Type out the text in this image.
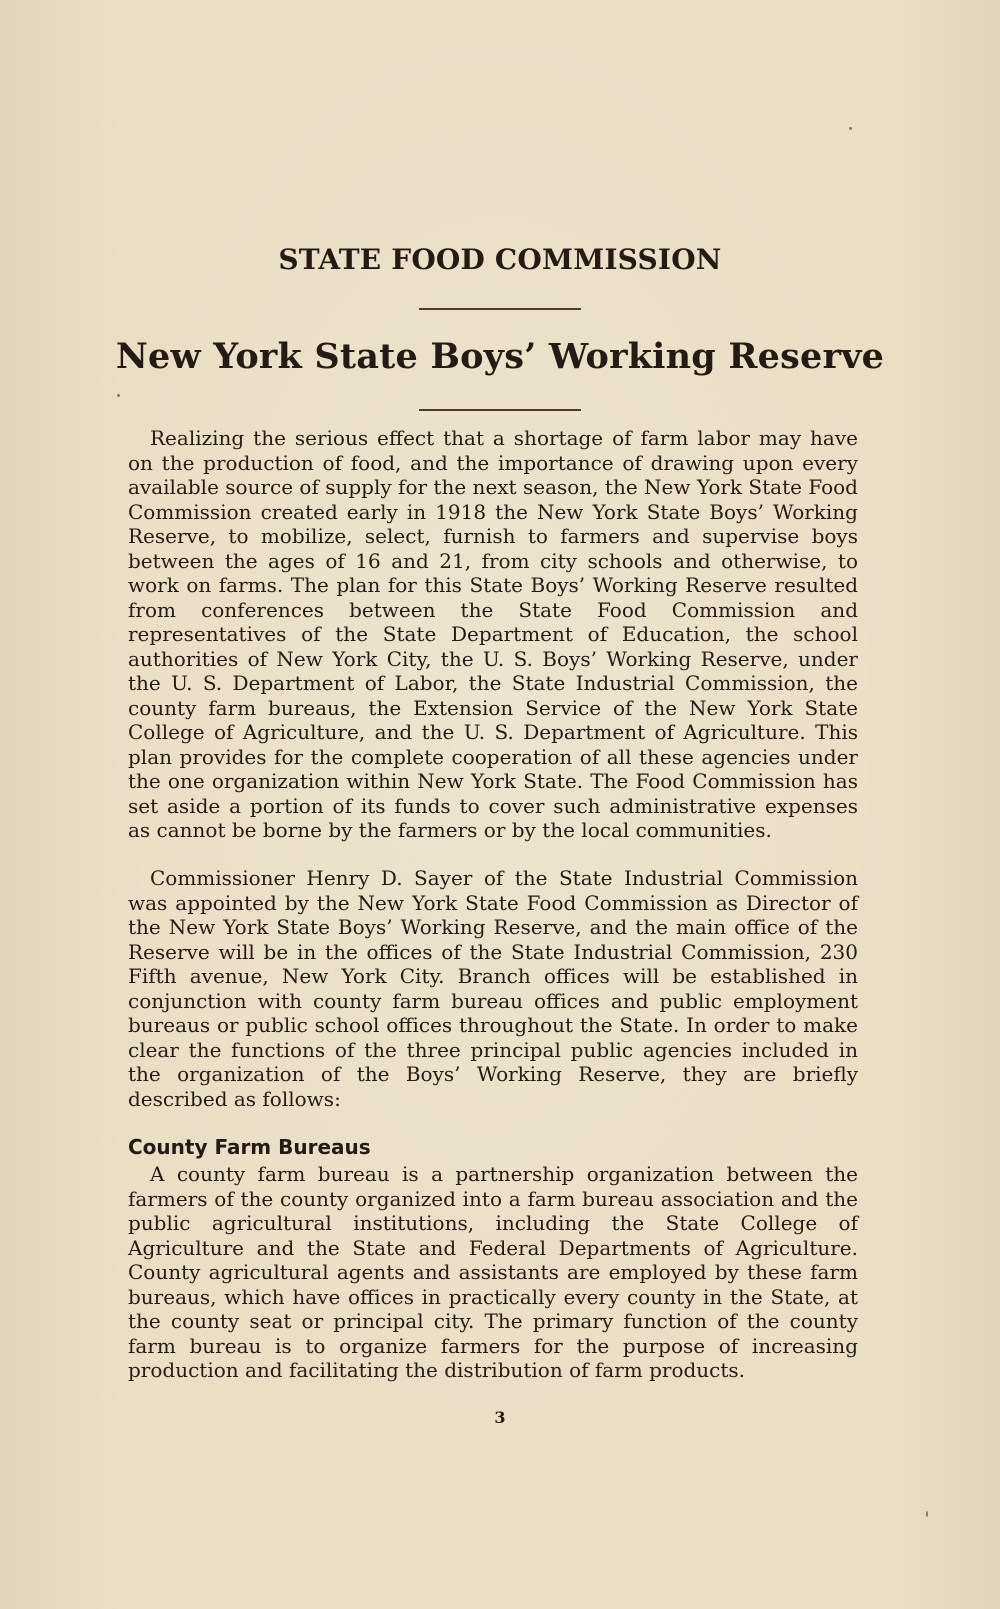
STATE FOOD COMMISSION
New York State Boys’ Working Reserve

Realizing the serious effect that a shortage of farm labor may have on the production of food, and the importance of drawing upon every available source of supply for the next season, the New York State Food Commission created early in 1918 the New York State Boys’ Working Reserve, to mobilize, select, furnish to farmers and supervise boys between the ages of 16 and 21, from city schools and otherwise, to work on farms. The plan for this State Boys’ Working Reserve resulted from conferences between the State Food Commission and representatives of the State Department of Education, the school authorities of New York City, the U. S. Boys’ Working Reserve, under the U. S. Department of Labor, the State Industrial Commission, the county farm bureaus, the Extension Service of the New York State College of Agriculture, and the U. S. Department of Agriculture. This plan provides for the complete cooperation of all these agencies under the one organization within New York State. The Food Commission has set aside a portion of its funds to cover such administrative expenses as cannot be borne by the farmers or by the local communities.

Commissioner Henry D. Sayer of the State Industrial Commission was appointed by the New York State Food Commission as Director of the New York State Boys’ Working Reserve, and the main office of the Reserve will be in the offices of the State Industrial Commission, 230 Fifth avenue, New York City. Branch offices will be established in conjunction with county farm bureau offices and public employment bureaus or public school offices throughout the State. In order to make clear the functions of the three principal public agencies included in the organization of the Boys’ Working Reserve, they are briefly described as follows:

County Farm Bureaus

A county farm bureau is a partnership organization between the farmers of the county organized into a farm bureau association and the public agricultural institutions, including the State College of Agriculture and the State and Federal Departments of Agriculture. County agricultural agents and assistants are employed by these farm bureaus, which have offices in practically every county in the State, at the county seat or principal city. The primary function of the county farm bureau is to organize farmers for the purpose of increasing production and facilitating the distribution of farm products.

3
